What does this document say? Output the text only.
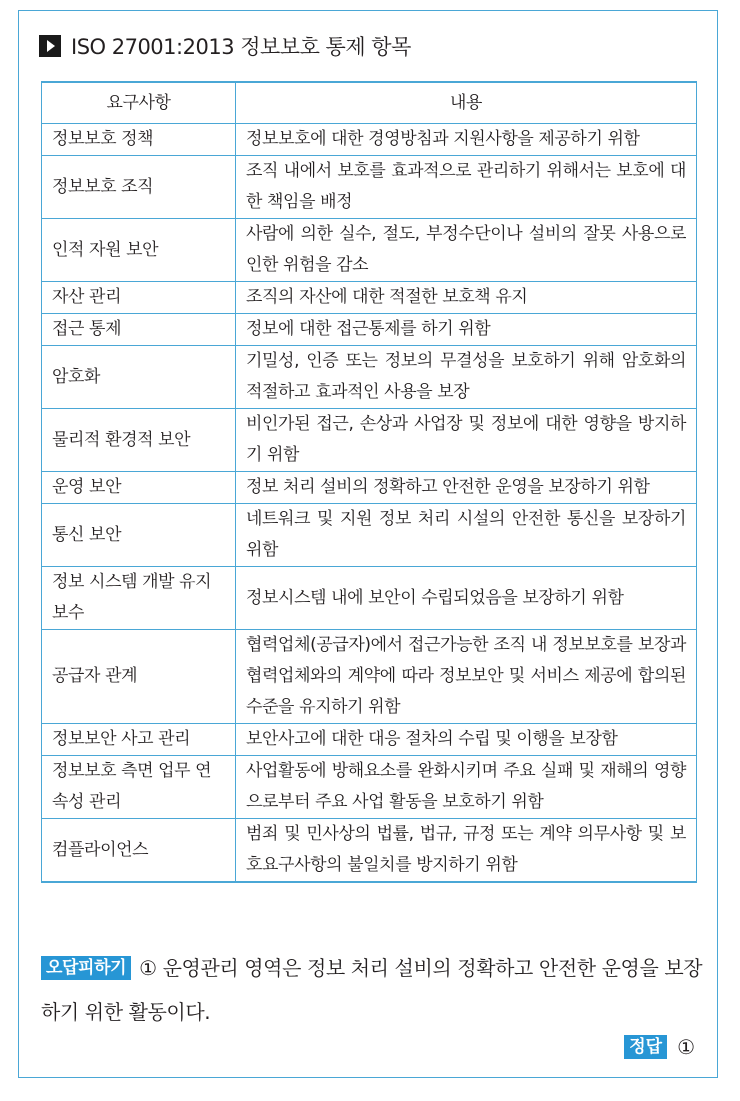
ISO 27001:2013 정보보호 통제 항목
요구사항	내용
정보보호 정책	정보보호에 대한 경영방침과 지원사항을 제공하기 위함
정보보호 조직	조직 내에서 보호를 효과적으로 관리하기 위해서는 보호에 대한 책임을 배정
인적 자원 보안	사람에 의한 실수, 절도, 부정수단이나 설비의 잘못 사용으로 인한 위험을 감소
자산 관리	조직의 자산에 대한 적절한 보호책 유지
접근 통제	정보에 대한 접근통제를 하기 위함
암호화	기밀성, 인증 또는 정보의 무결성을 보호하기 위해 암호화의 적절하고 효과적인 사용을 보장
물리적 환경적 보안	비인가된 접근, 손상과 사업장 및 정보에 대한 영향을 방지하기 위함
운영 보안	정보 처리 설비의 정확하고 안전한 운영을 보장하기 위함
통신 보안	네트워크 및 지원 정보 처리 시설의 안전한 통신을 보장하기 위함
정보 시스템 개발 유지보수	정보시스템 내에 보안이 수립되었음을 보장하기 위함
공급자 관계	협력업체(공급자)에서 접근가능한 조직 내 정보보호를 보장과 협력업체와의 계약에 따라 정보보안 및 서비스 제공에 합의된 수준을 유지하기 위함
정보보안 사고 관리	보안사고에 대한 대응 절차의 수립 및 이행을 보장함
정보보호 측면 업무 연속성 관리	사업활동에 방해요소를 완화시키며 주요 실패 및 재해의 영향으로부터 주요 사업 활동을 보호하기 위함
컴플라이언스	범죄 및 민사상의 법률, 법규, 규정 또는 계약 의무사항 및 보호요구사항의 불일치를 방지하기 위함
오답피하기 ① 운영관리 영역은 정보 처리 설비의 정확하고 안전한 운영을 보장하기 위한 활동이다.
정답 ①
